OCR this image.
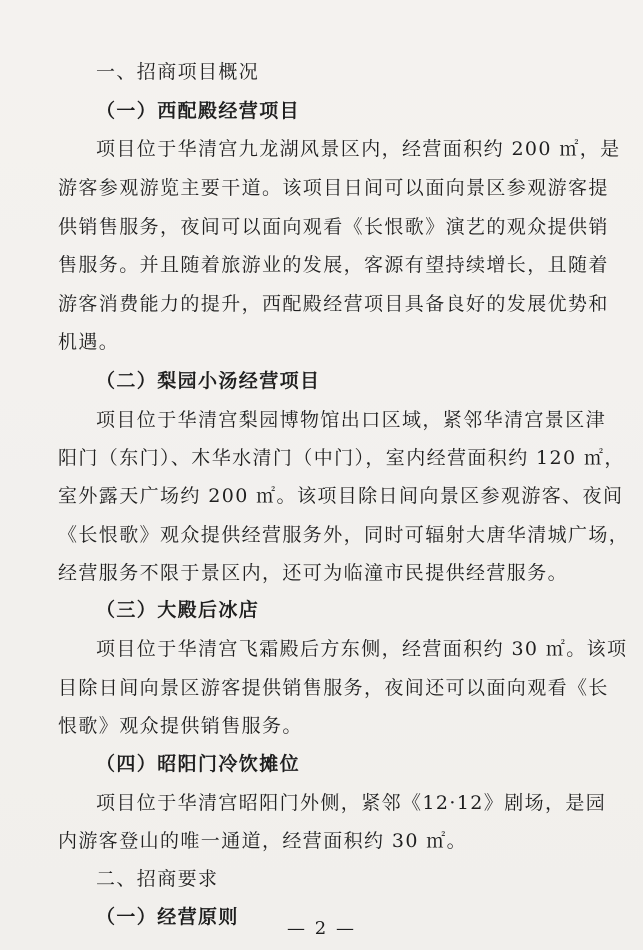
一、招商项目概况
（一）西配殿经营项目
项目位于华清宫九龙湖风景区内，经营面积约 200 ㎡，是
游客参观游览主要干道。该项目日间可以面向景区参观游客提
供销售服务，夜间可以面向观看《长恨歌》演艺的观众提供销
售服务。并且随着旅游业的发展，客源有望持续增长，且随着
游客消费能力的提升，西配殿经营项目具备良好的发展优势和
机遇。
（二）梨园小汤经营项目
项目位于华清宫梨园博物馆出口区域，紧邻华清宫景区津
阳门（东门）、木华水清门（中门），室内经营面积约 120 ㎡，
室外露天广场约 200 ㎡。该项目除日间向景区参观游客、夜间
《长恨歌》观众提供经营服务外，同时可辐射大唐华清城广场，
经营服务不限于景区内，还可为临潼市民提供经营服务。
（三）大殿后冰店
项目位于华清宫飞霜殿后方东侧，经营面积约 30 ㎡。该项
目除日间向景区游客提供销售服务，夜间还可以面向观看《长
恨歌》观众提供销售服务。
（四）昭阳门冷饮摊位
项目位于华清宫昭阳门外侧，紧邻《12·12》剧场，是园
内游客登山的唯一通道，经营面积约 30 ㎡。
二、招商要求
（一）经营原则
— 2 —
